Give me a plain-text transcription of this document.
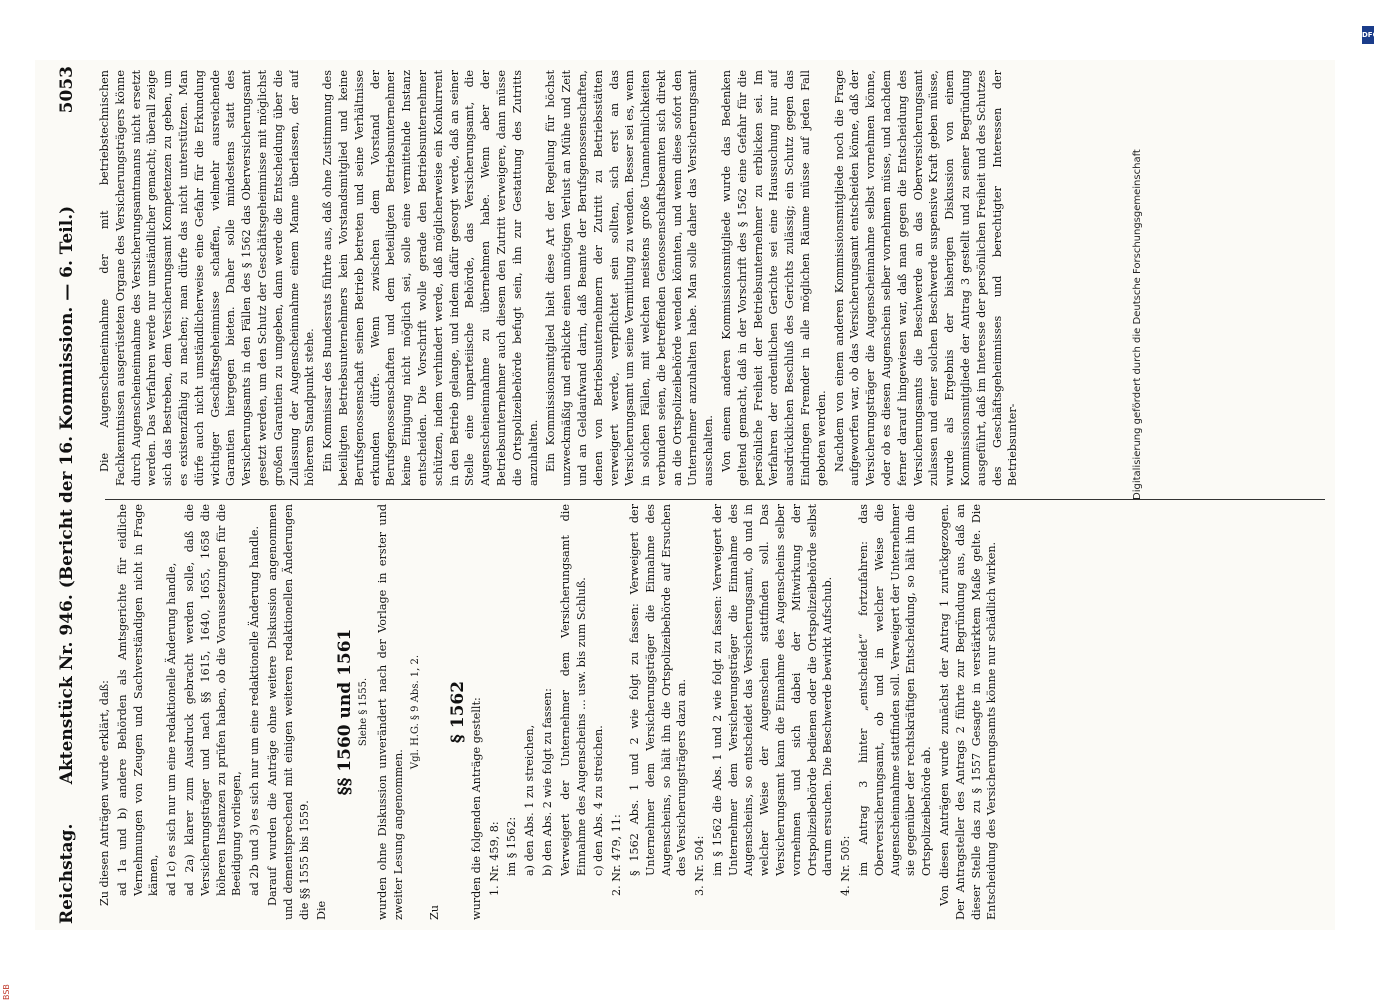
Reichstag.
Aktenstück Nr. 946. (Bericht der 16. Kommission. — 6. Teil.)
5053

Zu diesen Anträgen wurde erklärt, daß: ad 1a und b) andere Behörden als Amtsgerichte für eidliche Vernehmungen von Zeugen und Sachverständigen nicht in Frage kämen, ad 1c) es sich nur um eine redaktionelle Änderung handle, ad 2a) klarer zum Ausdruck gebracht werden solle, daß die Versicherungsträger und nach §§ 1615, 1640, 1655, 1658 die höheren Instanzen zu prüfen haben, ob die Voraussetzungen für die Beeidigung vorliegen, ad 2b und 3) es sich nur um eine redaktionelle Änderung handle. Darauf wurden die Anträge ohne weitere Diskussion angenommen und dementsprechend mit einigen weiteren redaktionellen Änderungen die §§ 1555 bis 1559. Die

§§ 1560 und 1561 Siehe § 1555. wurden ohne Diskussion unverändert nach der Vorlage in erster und zweiter Lesung angenommen.

Vgl. H.G. § 9 Abs. 1, 2.

Zu

§ 1562 wurden die folgenden Anträge gestellt: 1. Nr. 459, 8: im § 1562: a) den Abs. 1 zu streichen, b) den Abs. 2 wie folgt zu fassen: Verweigert der Unternehmer dem Versicherungsamt die Einnahme des Augenscheins ... usw. bis zum Schluß. c) den Abs. 4 zu streichen. 2. Nr. 479, 11: § 1562 Abs. 1 und 2 wie folgt zu fassen: Verweigert der Unternehmer dem Versicherungsträger die Einnahme des Augenscheins, so hält ihn die Ortspolizeibehörde auf Ersuchen des Versicherungsträgers dazu an. 3. Nr. 504: im § 1562 die Abs. 1 und 2 wie folgt zu fassen: Verweigert der Unternehmer dem Versicherungsträger die Einnahme des Augenscheins, so entscheidet das Versicherungsamt, ob und in welcher Weise der Augenschein stattfinden soll. Das Versicherungsamt kann die Einnahme des Augenscheins selber vornehmen und sich dabei der Mitwirkung der Ortspolizeibehörde bedienen oder die Ortspolizeibehörde selbst darum ersuchen. Die Beschwerde bewirkt Aufschub. 4. Nr. 505: im Antrag 3 hinter „entscheidet“ fortzufahren: das Oberversicherungsamt, ob und in welcher Weise die Augenscheinnahme stattfinden soll. Verweigert der Unternehmer sie gegenüber der rechtskräftigen Entscheidung, so hält ihn die Ortspolizeibehörde ab. Von diesen Anträgen wurde zunächst der Antrag 1 zurückgezogen. Der Antragsteller des Antrags 2 führte zur Begründung aus, daß an dieser Stelle das zu § 1557 Gesagte in verstärktem Maße gelte. Die Entscheidung des Versicherungsamts könne nur schädlich wirken.

Die Augenscheineinnahme der mit betriebstechnischen Fachkenntnissen ausgerüsteten Organe des Versicherungsträgers könne durch Augenscheineinnahme des Versicherungsamtmanns nicht ersetzt werden. Das Verfahren werde nur umständlicher gemacht; überall zeige sich das Bestreben, dem Versicherungsamt Kompetenzen zu geben, um es existenzfähig zu machen; man dürfe das nicht unterstützen. Man dürfe auch nicht umständlicherweise eine Gefahr für die Erkundung wichtiger Geschäftsgeheimnisse schaffen, vielmehr ausreichende Garantien hiergegen bieten. Daher solle mindestens statt des Versicherungsamts in den Fällen des § 1562 das Oberversicherungsamt gesetzt werden, um den Schutz der Geschäftsgeheimnisse mit möglichst großen Garantien zu umgeben, dann werde die Entscheidung über die Zulassung der Augenscheinnahme einem Manne überlassen, der auf höherem Standpunkt stehe. Ein Kommissar des Bundesrats führte aus, daß ohne Zustimmung des beteiligten Betriebsunternehmers kein Vorstandsmitglied und keine Berufsgenossenschaft seinen Betrieb betreten und seine Verhältnisse erkunden dürfe. Wenn zwischen dem Vorstand der Berufsgenossenschaften und dem beteiligten Betriebsunternehmer keine Einigung nicht möglich sei, solle eine vermittelnde Instanz entscheiden. Die Vorschrift wolle gerade den Betriebsunternehmer schützen, indem verhindert werde, daß möglicherweise ein Konkurrent in den Betrieb gelange, und indem dafür gesorgt werde, daß an seiner Stelle eine unparteiische Behörde, das Versicherungsamt, die Augenscheineinnahme zu übernehmen habe. Wenn aber der Betriebsunternehmer auch diesem den Zutritt verweigere, dann müsse die Ortspolizeibehörde befugt sein, ihn zur Gestattung des Zutritts anzuhalten. Ein Kommissionsmitglied hielt diese Art der Regelung für höchst unzweckmäßig und erblickte einen unnötigen Verlust an Mühe und Zeit und an Geldaufwand darin, daß Beamte der Berufsgenossenschaften, denen von Betriebsunternehmern der Zutritt zu Betriebsstätten verweigert werde, verpflichtet sein sollten, sich erst an das Versicherungsamt um seine Vermittlung zu wenden. Besser sei es, wenn in solchen Fällen, mit welchen meistens große Unannehmlichkeiten verbunden seien, die betreffenden Genossenschaftsbeamten sich direkt an die Ortspolizeibehörde wenden könnten, und wenn diese sofort den Unternehmer anzuhalten habe. Man solle daher das Versicherungsamt ausschalten. Von einem anderen Kommissionsmitgliede wurde das Bedenken geltend gemacht, daß in der Vorschrift des § 1562 eine Gefahr für die persönliche Freiheit der Betriebsunternehmer zu erblicken sei. Im Verfahren der ordentlichen Gerichte sei eine Haussuchung nur auf ausdrücklichen Beschluß des Gerichts zulässig; ein Schutz gegen das Eindringen Fremder in alle möglichen Räume müsse auf jeden Fall geboten werden. Nachdem von einem anderen Kommissionsmitgliede noch die Frage aufgeworfen war, ob das Versicherungsamt entscheiden könne, daß der Versicherungsträger die Augenscheinnahme selbst vornehmen könne, oder ob es diesen Augenschein selber vornehmen müsse, und nachdem ferner darauf hingewiesen war, daß man gegen die Entscheidung des Versicherungsamts die Beschwerde an das Oberversicherungsamt zulassen und einer solchen Beschwerde suspensive Kraft geben müsse, wurde als Ergebnis der bisherigen Diskussion von einem Kommissionsmitgliede der Antrag 3 gestellt und zu seiner Begründung ausgeführt, daß im Interesse der persönlichen Freiheit und des Schutzes des Geschäftsgeheimnisses und berechtigter Interessen der Betriebsunter-

DFG
Digitalisierung gefördert durch die Deutsche Forschungsgemeinschaft
BSB
